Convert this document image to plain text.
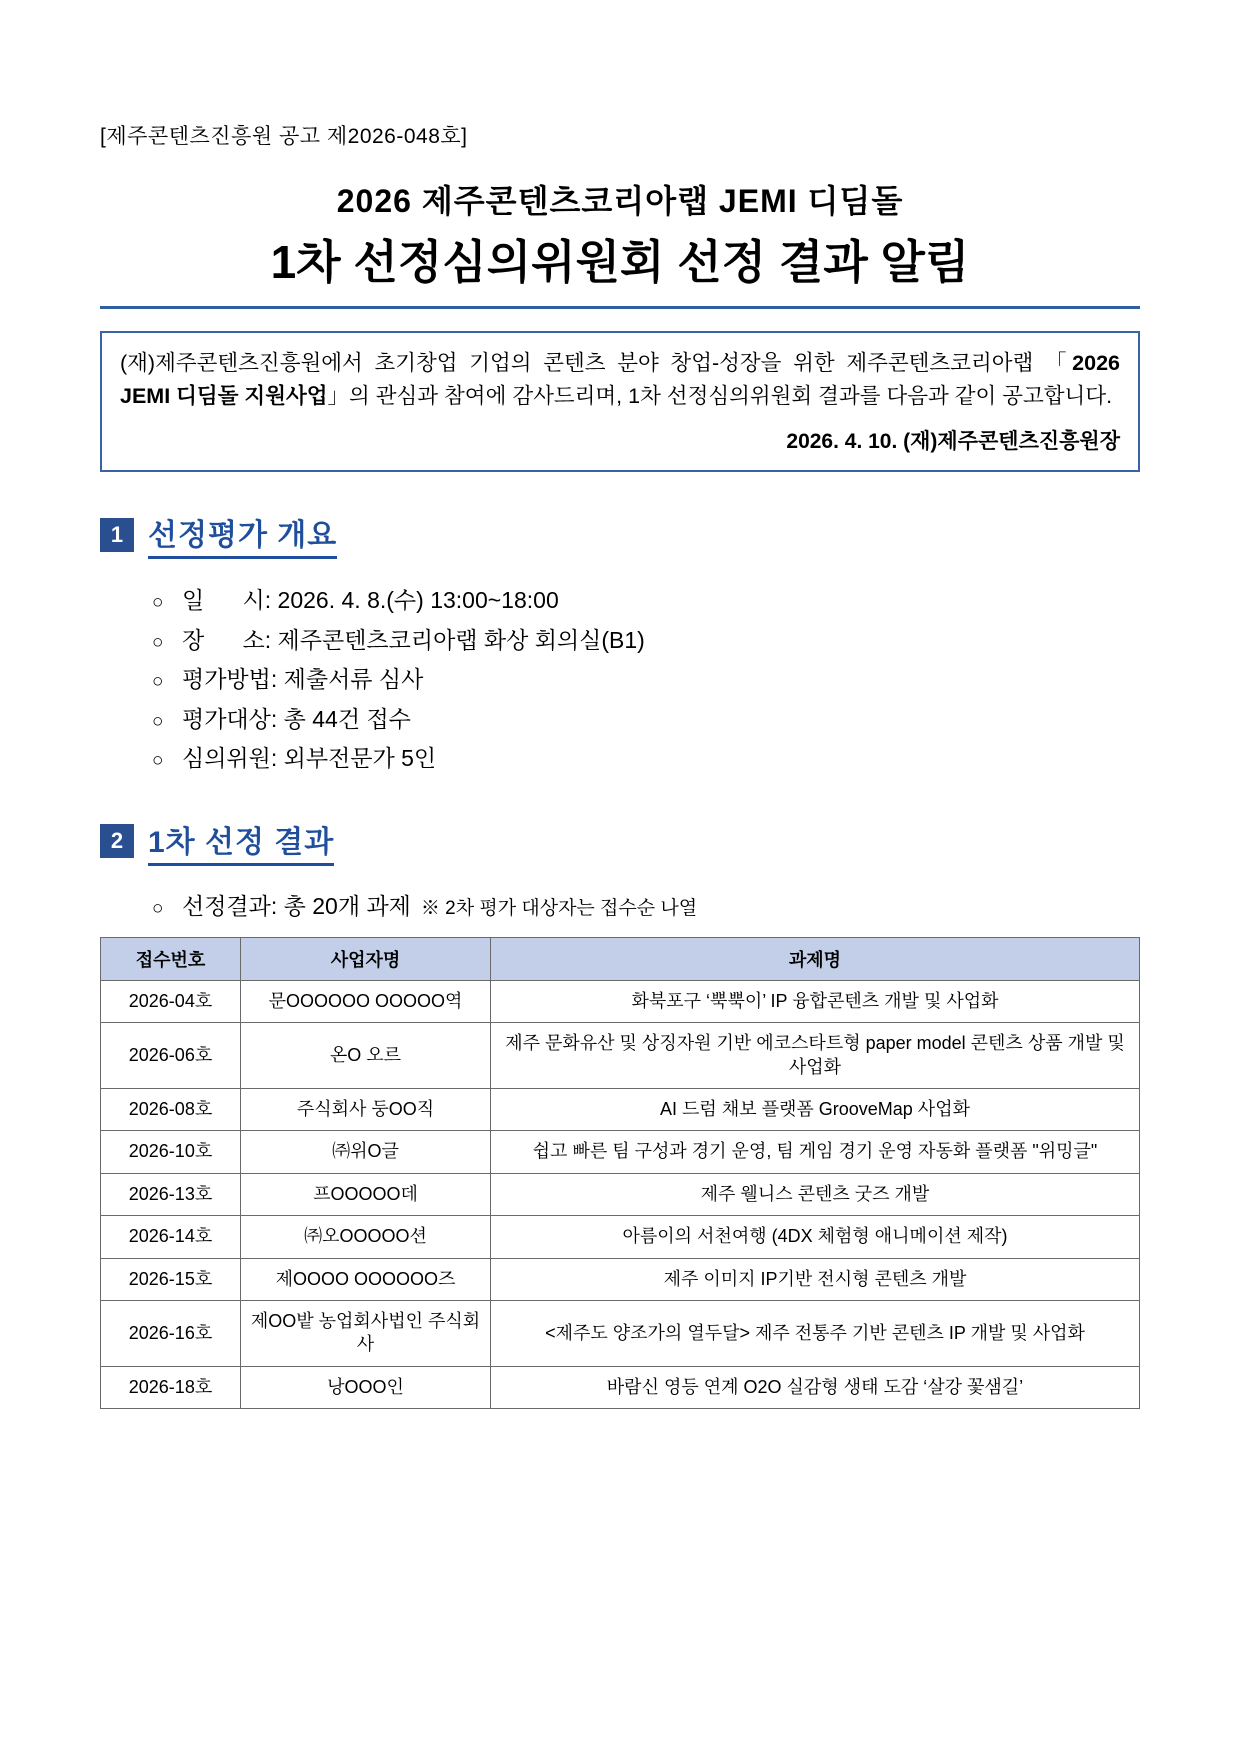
[제주콘텐츠진흥원 공고 제2026-048호]
2026 제주콘텐츠코리아랩 JEMI 디딤돌
1차 선정심의위원회 선정 결과 알림

(재)제주콘텐츠진흥원에서 초기창업 기업의 콘텐츠 분야 창업-성장을 위한 제주콘텐츠코리아랩 「2026 JEMI 디딤돌 지원사업」의 관심과 참여에 감사드리며, 1차 선정심의위원회 결과를 다음과 같이 공고합니다.

2026. 4. 10. (재)제주콘텐츠진흥원장
1 선정평가 개요
○ 일      시: 2026. 4. 8.(수) 13:00~18:00
○ 장      소: 제주콘텐츠코리아랩 화상 회의실(B1)
○ 평가방법: 제출서류 심사
○ 평가대상: 총 44건 접수
○ 심의위원: 외부전문가 5인
2 1차 선정 결과
○ 선정결과: 총 20개 과제 ※ 2차 평가 대상자는 접수순 나열
접수번호	사업자명	과제명
2026-04호	문OOOOOO OOOOO역	화북포구 ‘뿍뿍이’ IP 융합콘텐츠 개발 및 사업화
2026-06호	온O 오르	제주 문화유산 및 상징자원 기반 에코스타트형 paper model 콘텐츠 상품 개발 및 사업화
2026-08호	주식회사 둥OO직	AI 드럼 채보 플랫폼 GrooveMap 사업화
2026-10호	㈜위O글	쉽고 빠른 팀 구성과 경기 운영, 팀 게임 경기 운영 자동화 플랫폼 "위밍글"
2026-13호	프OOOOO데	제주 웰니스 콘텐츠 굿즈 개발
2026-14호	㈜오OOOOO션	아름이의 서천여행 (4DX 체험형 애니메이션 제작)
2026-15호	제OOOO OOOOOO즈	제주 이미지 IP기반 전시형 콘텐츠 개발
2026-16호	제OO밭 농업회사법인 주식회사	<제주도 양조가의 열두달> 제주 전통주 기반 콘텐츠 IP 개발 및 사업화
2026-18호	낭OOO인	바람신 영등 연계 O2O 실감형 생태 도감 ‘살강 꽃샘길’
